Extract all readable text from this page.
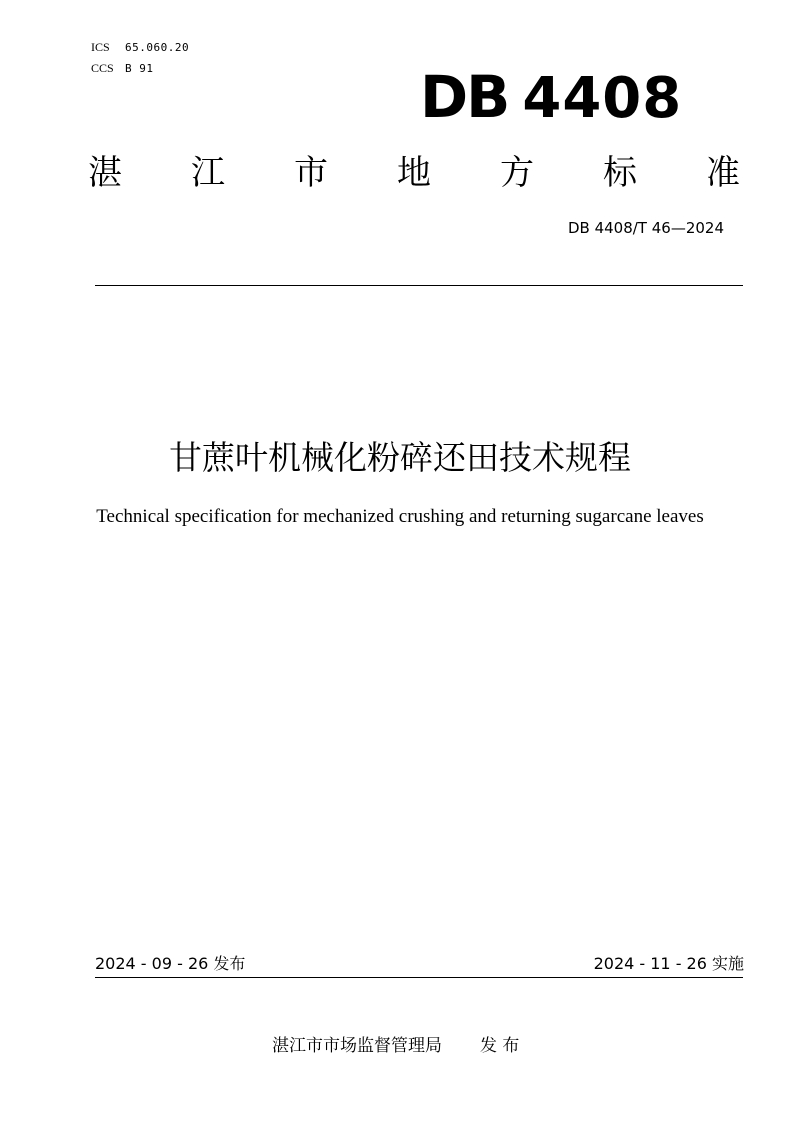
ICS 65.060.20
CCS B 91	DB 4408
湛 江 市 地 方 标 准
DB 4408/T 46—2024
甘蔗叶机械化粉碎还田技术规程
Technical specification for mechanized crushing and returning sugarcane leaves
2024 - 09 - 26 发布	2024 - 11 - 26 实施
湛江市市场监督管理局 发 布
